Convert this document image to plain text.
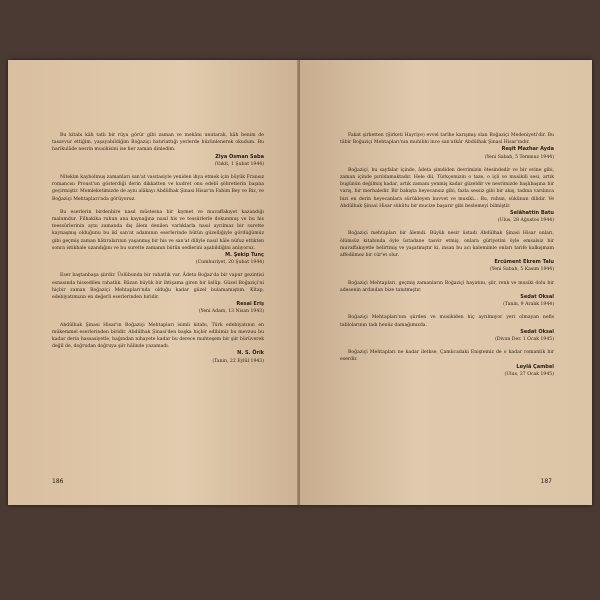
Bu kitabı kâh tatlı bir rüya görür gibi zaman ve mekânı unutarak, kâh benim de tasavvur ettiğim, yaşayabildiğim Boğaziçi hatırlattığı yerlerde hüzünlenerek okudum. Bu harikulâde nesrin musikisini ise her zaman dinledim.

Ziya Osman Saba
(Vakit, 1 Şubat 1944)

Nitekim kaybolmuş zamanları san'at vasıtasiyle yeniden ihya etmek için büyük Fransız romancısı Proust'un gösterdiği derin dikkatten ve kudret onu edebî şöhretlerin başına geçirmiştir. Memleketimizde de aynı alâkayı Abdülhak Şinasi Hisar'ın Fahim Bey ve Biz, ve Boğaziçi Mehtapları'nda görüyoruz.

Bu eserlerin birdenbire nasıl müstesna bir kıymet ve muvaffakıyet kazandığı malumdur. Filhakika ruhun ana kaynağına nasıl his ve tessürlerle dokunmuş ve bu his teessürlerinin aynı zamanda dış âlem denilen varlıklarla nasıl ayrılmaz bir surette kaynaşmış olduğunu bu ikî san'at adamının eserlerinde bütün güzelliğiyle gördüğümüz gibi geçmiş zaman hâtıralarının yaşanmış bir his ve san'at diliyle nasıl hâle nüfuz ettikten sonra istikbale uzandığını ve bu surette zamanın bütün sedlerini aşabildiğini anlıyoruz.

M. Şekip Tunç
(Cumhuriyet, 20 Şubat 1944)

Eser baştanbaşa şiirdir. Üslûbunda bir rahatlık var. Âdeta Boğaz'da bir vapur gezintisi esnasında hissedilen rahatlık. Bâzan büyük bir ihtişama giren bir üslûp. Güzel Boğaziçi'ni hiçbir zaman Boğaziçi Mehtapları'nda olduğu kadar güzel bulamamıştım. Kitap, edebiyatımızın en değerli eserlerinden biridir.

Resai Eriş
(Yeni Adam, 13 Nisan 1943)

Abdülhak Şinasi Hisar'ın Boğaziçi Mehtapları isimli kitabı, Türk edebiyatının en mükemmel eserlerinden biridir. Abdülhak Şinasi'den başka hiçbir edibimiz bu mevzuu bu kadar derin hassasiyetle, bağından nihayete kadar bu derece muhteşem bir şiir bürüverek değil de, doğrudan doğruya şiir hâlinde yazamadı.

N. S. Örik
(Tanin, 22 Eylül 1943)
186

Fakat şirketten (Şirketi Hayriye) evvel tarihe karışmış olan Boğaziçi Medeniyeti'dir. Bu tâbir Boğaziçi Mehtapları'nın muhibbi ince san'atkâr Abdülhak Şinasi Hisar'ındır.

Reşit Mazhar Ayda
(Yeni Sabah, 5 Temmuz 1944)

Boğaziçi, bu sayfalar içinde, âdeta şimdiden devrimizin ötesindedir ve bir evine gibi, zaman içinde pırıldamaktadır. Hele dil, Türkçemizin o taze, o içli ve musikili sesi, artık bugünün değilmiş kadar, artık zamanı yenmiş kadar güzeldir ve nesrimizde başlıbaşına bir varış, bir merhaledir. Bir bakışta heyecansız gibi, fazla sessiz gibi bir akış, tadına varılınca bizi en derin heyecanlara sürükleyen kuvvet ve musiki... Bu, ruhun, sükûnun dilidir. Ve Abdülhak Şinasi Hisar sükûtu bir mucize başarır gibi beslemeyi bilmiştir.

Selâhattin Batu
(Ulus, 28 Ağustos 1944)

Boğaziçi mehtapları bir âlemdi. Büyük nesir üstadı Abdülhak Şinasi Hisar onları, ölümsüz kitabında öyle üstadane tasvir etmiş, onlara güriyetini öyle emsalsiz bir muvaffakıyetle belirtmiş ve yaşatmıştır ki, insan bu acı kalemimle onları tarife kalkışmam affedilmez bir cür'et olur.

Ercüment Ekrem Talu
(Yeni Sabah, 5 Kasım 1944)

Boğaziçi Mehtapları, geçmiş zamanların Boğaziçi hayatını, şiir, renk ve musiki dolu bir adesenin ardından bize tanıtmıştır.

Sedat Oksal
(Tanin, 9 Aralık 1944)

Boğaziçi Mehtapları'nın şiirden ve musikiden hiç ayrılmıyor yeri olmayan nefis tablolarının tadı henüz damağımızda.

Sedat Oksal
(Divan Der. 1 Ocak 1945)

Boğaziçi Mehtapları ne kadar iletkse, Çamlıcadaki Eniştemiz de o kadar romantik bir eserdir.

Leylâ Çambel
(Ulus, 27 Ocak 1945)
187
